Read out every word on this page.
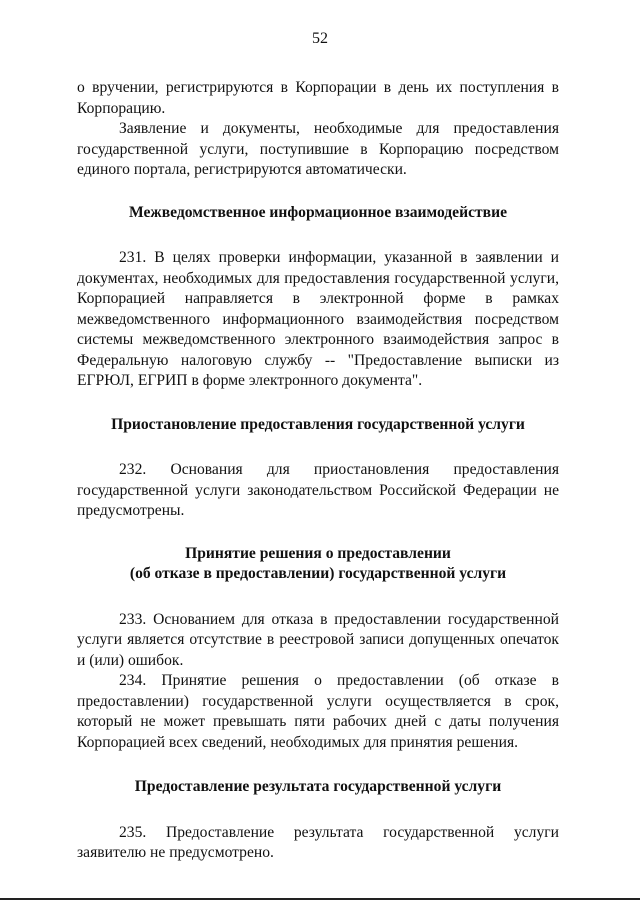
52

о вручении, регистрируются в Корпорации в день их поступления в Корпорацию.

Заявление и документы, необходимые для предоставления государственной услуги, поступившие в Корпорацию посредством единого портала, регистрируются автоматически.

Межведомственное информационное взаимодействие

231. В целях проверки информации, указанной в заявлении и документах, необходимых для предоставления государственной услуги, Корпорацией направляется в электронной форме в рамках межведомственного информационного взаимодействия посредством системы межведомственного электронного взаимодействия запрос в Федеральную налоговую службу -- "Предоставление выписки из ЕГРЮЛ, ЕГРИП в форме электронного документа".

Приостановление предоставления государственной услуги

232. Основания для приостановления предоставления государственной услуги законодательством Российской Федерации не предусмотрены.

Принятие решения о предоставлении
(об отказе в предоставлении) государственной услуги

233. Основанием для отказа в предоставлении государственной услуги является отсутствие в реестровой записи допущенных опечаток и (или) ошибок.

234. Принятие решения о предоставлении (об отказе в предоставлении) государственной услуги осуществляется в срок, который не может превышать пяти рабочих дней с даты получения Корпорацией всех сведений, необходимых для принятия решения.

Предоставление результата государственной услуги

235. Предоставление результата государственной услуги заявителю не предусмотрено.
